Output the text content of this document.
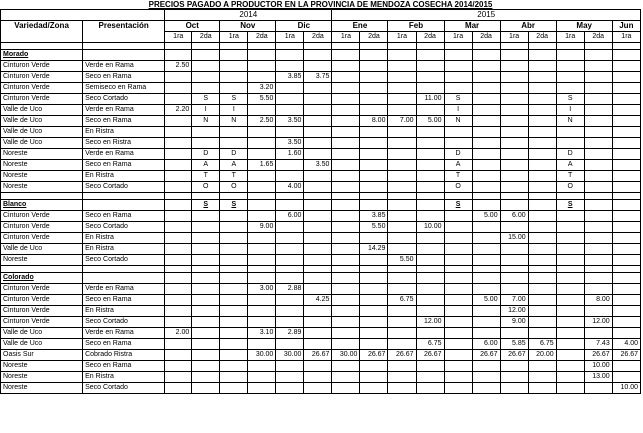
PRECIOS PAGADO A PRODUCTOR EN LA PROVINCIA DE MENDOZA COSECHA 2014/2015																		
		2014						2015										
Variedad/Zona	Presentación	Oct		Nov		Dic		Ene		Feb		Mar		Abr		May		Jun
		1ra	2da	1ra	2da	1ra	2da	1ra	2da	1ra	2da	1ra	2da	1ra	2da	1ra	2da	1ra

Morado																		
Cinturon Verde	Verde en Rama	2.50																
Cinturon Verde	Seco en Rama					3.85	3.75											
Cinturon Verde	Semiseco en Rama				3.20													
Cinturon Verde	Seco Cortado		S	S	5.50						11.00	S				S		
Valle de Uco	Verde en Rama	2.20	I	I								I				I		
Valle de Uco	Seco en Rama		N	N	2.50	3.50			8.00	7.00	5.00	N				N		
Valle de Uco	En Ristra																	
Valle de Uco	Seco en Ristra					3.50												
Noreste	Verde en Rama		D	D		1.60						D				D		
Noreste	Seco en Rama		A	A	1.65		3.50					A				A		
Noreste	En Ristra		T	T								T				T		
Noreste	Seco Cortado		O	O		4.00						O				O		

Blanco			S	S								S				S		
Cinturon Verde	Seco en Rama					6.00			3.85				5.00	6.00				
Cinturon Verde	Seco Cortado				9.00				5.50		10.00							
Cinturon Verde	En Ristra													15.00				
Valle de Uco	En Ristra								14.29									
Noreste	Seco Cortado									5.50								

Colorado																		
Cinturon Verde	Verde en Rama				3.00	2.88												
Cinturon Verde	Seco en Rama						4.25			6.75			5.00	7.00			8.00	
Cinturon Verde	En Ristra													12.00				
Cinturon Verde	Seco Cortado										12.00			9.00			12.00	
Valle de Uco	Verde en Rama	2.00			3.10	2.89												
Valle de Uco	Seco en Rama										6.75		6.00	5.85	6.75		7.43	4.00
Oasis Sur	Cobrado Ristra				30.00	30.00	26.67	30.00	26.67	26.67	26.67		26.67	26.67	20.00		26.67	26.67
Noreste	Seco en Rama																10.00	
Noreste	En Ristra																13.00	
Noreste	Seco Cortado																	10.00
